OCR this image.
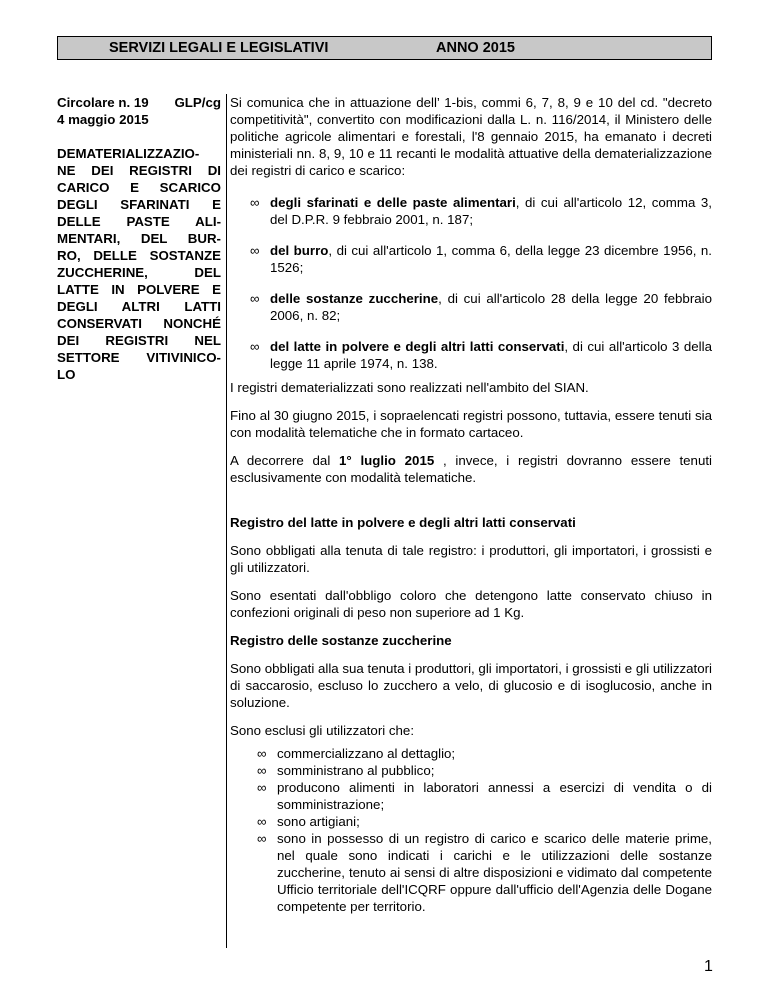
SERVIZI LEGALI E LEGISLATIVI	ANNO 2015
Circolare n. 19 GLP/cg
4 maggio 2015
DEMATERIALIZZAZIO-
NE DEI REGISTRI DI
CARICO E SCARICO
DEGLI SFARINATI E
DELLE PASTE ALI-
MENTARI, DEL BUR-
RO, DELLE SOSTANZE
ZUCCHERINE, DEL
LATTE IN POLVERE E
DEGLI ALTRI LATTI
CONSERVATI NONCHÉ
DEI REGISTRI NEL
SETTORE VITIVINICO-
LO

Si comunica che in attuazione dell’ 1-bis, commi 6, 7, 8, 9 e 10 del cd. "decreto competitività", convertito con modificazioni dalla L. n. 116/2014, il Ministero delle politiche agricole alimentari e forestali, l'8 gennaio 2015, ha emanato i decreti ministeriali nn. 8, 9, 10 e 11 recanti le modalità attuative della dematerializzazione dei registri di carico e scarico:

∞ degli sfarinati e delle paste alimentari, di cui all'articolo 12, comma 3, del D.P.R. 9 febbraio 2001, n. 187;
∞ del burro, di cui all'articolo 1, comma 6, della legge 23 dicembre 1956, n. 1526;
∞ delle sostanze zuccherine, di cui all'articolo 28 della legge 20 febbraio 2006, n. 82;
∞ del latte in polvere e degli altri latti conservati, di cui all'articolo 3 della legge 11 aprile 1974, n. 138.

I registri dematerializzati sono realizzati nell'ambito del SIAN.

Fino al 30 giugno 2015, i sopraelencati registri possono, tuttavia, essere tenuti sia con modalità telematiche che in formato cartaceo.

A decorrere dal 1° luglio 2015 , invece, i registri dovranno essere tenuti esclusivamente con modalità telematiche.

Registro del latte in polvere e degli altri latti conservati

Sono obbligati alla tenuta di tale registro: i produttori, gli importatori, i grossisti e gli utilizzatori.

Sono esentati dall'obbligo coloro che detengono latte conservato chiuso in confezioni originali di peso non superiore ad 1 Kg.

Registro delle sostanze zuccherine

Sono obbligati alla sua tenuta i produttori, gli importatori, i grossisti e gli utilizzatori di saccarosio, escluso lo zucchero a velo, di glucosio e di isoglucosio, anche in soluzione.

Sono esclusi gli utilizzatori che:

∞ commercializzano al dettaglio;
∞ somministrano al pubblico;
∞ producono alimenti in laboratori annessi a esercizi di vendita o di somministrazione;
∞ sono artigiani;
∞ sono in possesso di un registro di carico e scarico delle materie prime, nel quale sono indicati i carichi e le utilizzazioni delle sostanze zuccherine, tenuto ai sensi di altre disposizioni e vidimato dal competente Ufficio territoriale dell'ICQRF oppure dall'ufficio dell'Agenzia delle Dogane competente per territorio.
1
